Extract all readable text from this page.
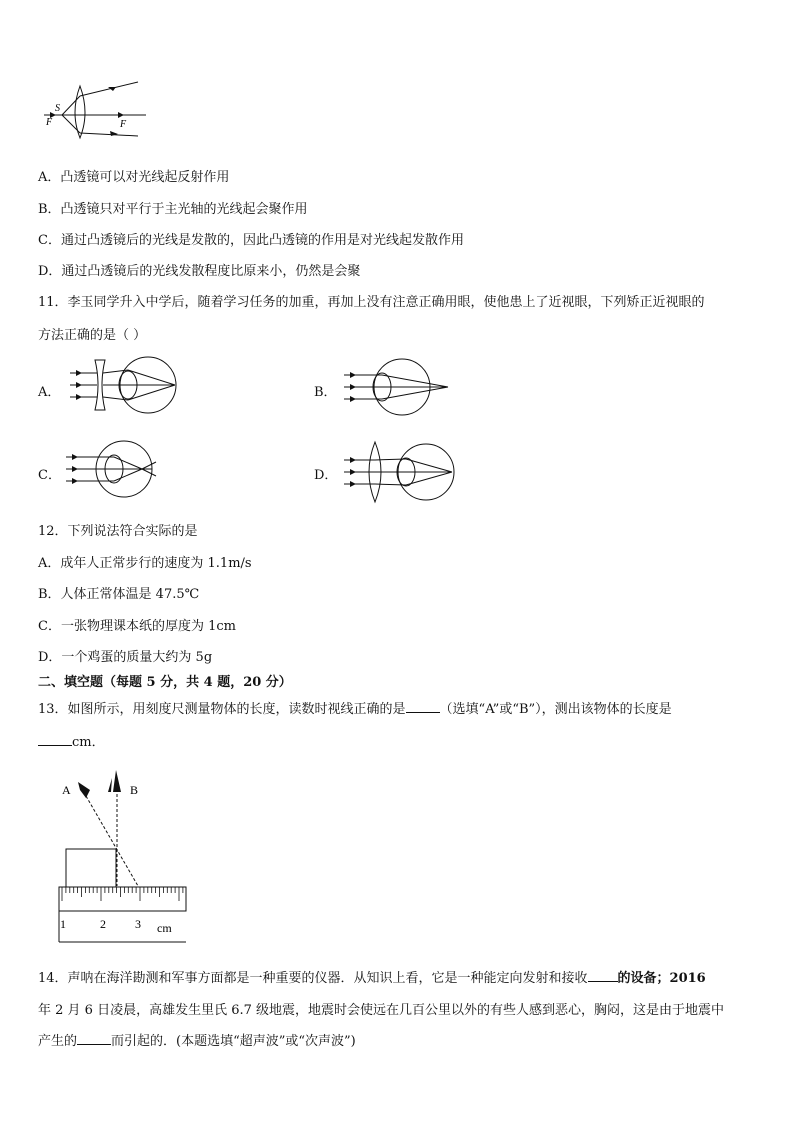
S
F	F
A．凸透镜可以对光线起反射作用
B．凸透镜只对平行于主光轴的光线起会聚作用
C．通过凸透镜后的光线是发散的，因此凸透镜的作用是对光线起发散作用
D．通过凸透镜后的光线发散程度比原来小，仍然是会聚
11．李玉同学升入中学后，随着学习任务的加重，再加上没有注意正确用眼，使他患上了近视眼，下列矫正近视眼的
方法正确的是（ ）
A．	B．
C．	D．
12．下列说法符合实际的是
A．成年人正常步行的速度为 1.1m/s
B．人体正常体温是 47.5℃
C．一张物理课本纸的厚度为 1cm
D．一个鸡蛋的质量大约为 5g
二、填空题（每题 5 分，共 4 题，20 分）
13．如图所示，用刻度尺测量物体的长度，读数时视线正确的是	（选填“A”或“B”），测出该物体的长度是
cm．
A	B
1	2 3 cm
14．声呐在海洋勘测和军事方面都是一种重要的仪器．从知识上看，它是一种能定向发射和接收 的设备；2016
年 2 月 6 日凌晨，高雄发生里氏 6.7 级地震，地震时会使远在几百公里以外的有些人感到恶心，胸闷，这是由于地震中
产生的	而引起的．(本题选填“超声波”或“次声波”)
